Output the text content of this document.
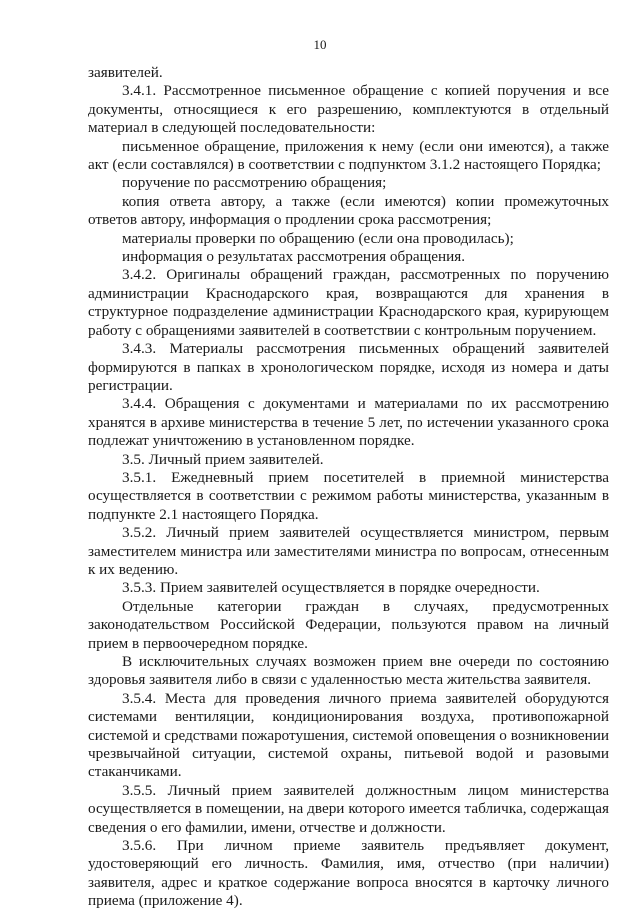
10

заявителей.

3.4.1. Рассмотренное письменное обращение с копией поручения и все документы, относящиеся к его разрешению, комплектуются в отдельный материал в следующей последовательности:

письменное обращение, приложения к нему (если они имеются), а также акт (если составлялся) в соответствии с подпунктом 3.1.2 настоящего Порядка;

поручение по рассмотрению обращения;

копия ответа автору, а также (если имеются) копии промежуточных ответов автору, информация о продлении срока рассмотрения;

материалы проверки по обращению (если она проводилась);

информация о результатах рассмотрения обращения.

3.4.2. Оригиналы обращений граждан, рассмотренных по поручению администрации Краснодарского края, возвращаются для хранения в структурное подразделение администрации Краснодарского края, курирующем работу с обращениями заявителей в соответствии с контрольным поручением.

3.4.3. Материалы рассмотрения письменных обращений заявителей формируются в папках в хронологическом порядке, исходя из номера и даты регистрации.

3.4.4. Обращения с документами и материалами по их рассмотрению хранятся в архиве министерства в течение 5 лет, по истечении указанного срока подлежат уничтожению в установленном порядке.

3.5. Личный прием заявителей.

3.5.1. Ежедневный прием посетителей в приемной министерства осуществляется в соответствии с режимом работы министерства, указанным в подпункте 2.1 настоящего Порядка.

3.5.2. Личный прием заявителей осуществляется министром, первым заместителем министра или заместителями министра по вопросам, отнесенным к их ведению.

3.5.3. Прием заявителей осуществляется в порядке очередности.

Отдельные категории граждан в случаях, предусмотренных законодательством Российской Федерации, пользуются правом на личный прием в первоочередном порядке.

В исключительных случаях возможен прием вне очереди по состоянию здоровья заявителя либо в связи с удаленностью места жительства заявителя.

3.5.4. Места для проведения личного приема заявителей оборудуются системами вентиляции, кондиционирования воздуха, противопожарной системой и средствами пожаротушения, системой оповещения о возникновении чрезвычайной ситуации, системой охраны, питьевой водой и разовыми стаканчиками.

3.5.5. Личный прием заявителей должностным лицом министерства осуществляется в помещении, на двери которого имеется табличка, содержащая сведения о его фамилии, имени, отчестве и должности.

3.5.6. При личном приеме заявитель предъявляет документ, удостоверяющий его личность. Фамилия, имя, отчество (при наличии) заявителя, адрес и краткое содержание вопроса вносятся в карточку личного приема (приложение 4).
